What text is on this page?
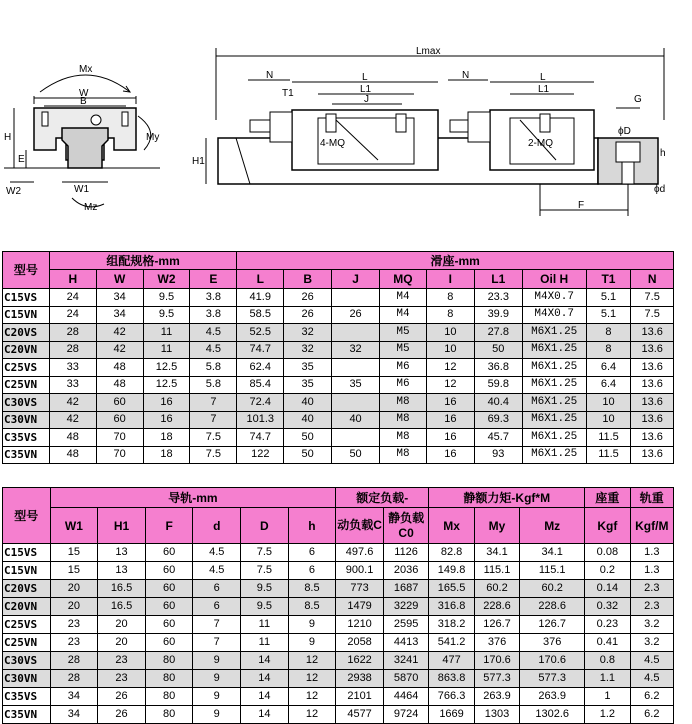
Mx
W
B
H
E
W2	W1
My
Mz
Lmax
N	L
L1
J
T1
4-MQ
H1
N	L
L1
2-MQ
G
ϕD
h
ϕd
F
型号	组配规格-mm				滑座-mm								
	H	W	W2	E	L	B	J	MQ	I	L1	Oil H	T1	N
C15VS	24	34	9.5	3.8	41.9	26		M4	8	23.3	M4X0.7	5.1	7.5
C15VN	24	34	9.5	3.8	58.5	26	26	M4	8	39.9	M4X0.7	5.1	7.5
C20VS	28	42	11	4.5	52.5	32		M5	10	27.8	M6X1.25	8	13.6
C20VN	28	42	11	4.5	74.7	32	32	M5	10	50	M6X1.25	8	13.6
C25VS	33	48	12.5	5.8	62.4	35		M6	12	36.8	M6X1.25	6.4	13.6
C25VN	33	48	12.5	5.8	85.4	35	35	M6	12	59.8	M6X1.25	6.4	13.6
C30VS	42	60	16	7	72.4	40		M8	16	40.4	M6X1.25	10	13.6
C30VN	42	60	16	7	101.3	40	40	M8	16	69.3	M6X1.25	10	13.6
C35VS	48	70	18	7.5	74.7	50		M8	16	45.7	M6X1.25	11.5	13.6
C35VN	48	70	18	7.5	122	50	50	M8	16	93	M6X1.25	11.5	13.6
型号	导轨-mm						额定负载-		静额力矩-Kgf*M			座重	轨重
	W1	H1	F	d	D	h	动负载C	静负载C0	Mx	My	Mz	Kgf	Kgf/M
C15VS	15	13	60	4.5	7.5	6	497.6	1126	82.8	34.1	34.1	0.08	1.3
C15VN	15	13	60	4.5	7.5	6	900.1	2036	149.8	115.1	115.1	0.2	1.3
C20VS	20	16.5	60	6	9.5	8.5	773	1687	165.5	60.2	60.2	0.14	2.3
C20VN	20	16.5	60	6	9.5	8.5	1479	3229	316.8	228.6	228.6	0.32	2.3
C25VS	23	20	60	7	11	9	1210	2595	318.2	126.7	126.7	0.23	3.2
C25VN	23	20	60	7	11	9	2058	4413	541.2	376	376	0.41	3.2
C30VS	28	23	80	9	14	12	1622	3241	477	170.6	170.6	0.8	4.5
C30VN	28	23	80	9	14	12	2938	5870	863.8	577.3	577.3	1.1	4.5
C35VS	34	26	80	9	14	12	2101	4464	766.3	263.9	263.9	1	6.2
C35VN	34	26	80	9	14	12	4577	9724	1669	1303	1302.6	1.2	6.2
